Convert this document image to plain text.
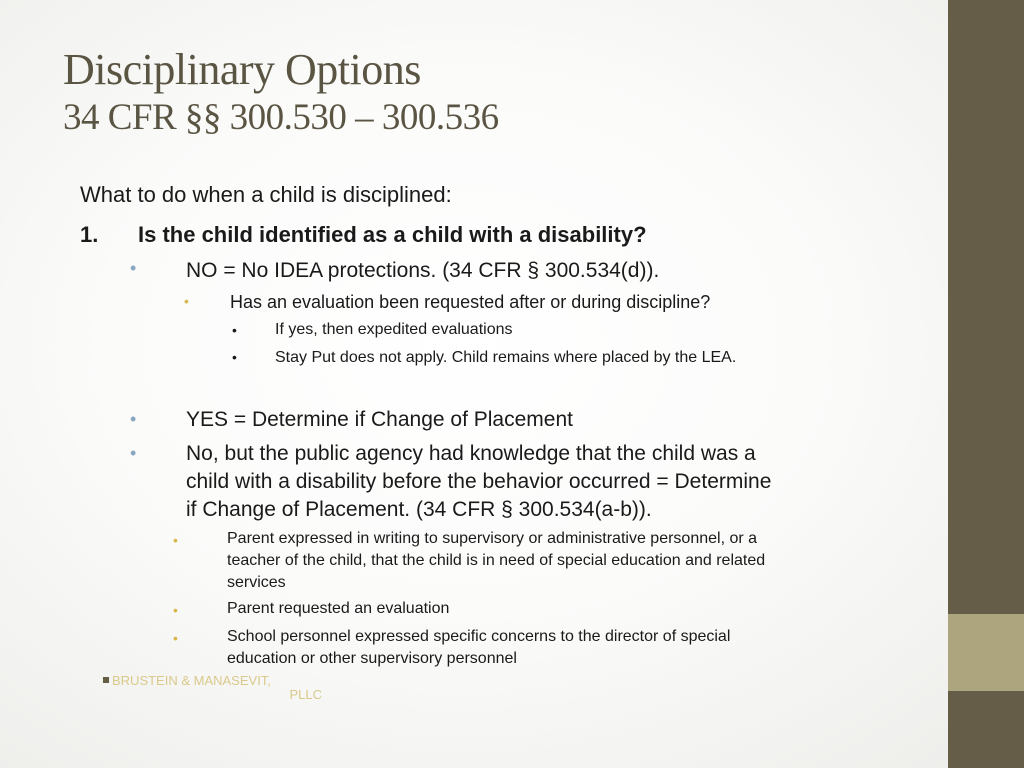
Disciplinary Options
34 CFR §§ 300.530 – 300.536
What to do when a child is disciplined:
1. Is the child identified as a child with a disability?
• NO = No IDEA protections. (34 CFR § 300.534(d)).
• Has an evaluation been requested after or during discipline?
• If yes, then expedited evaluations
• Stay Put does not apply. Child remains where placed by the LEA.
• YES = Determine if Change of Placement
• No, but the public agency had knowledge that the child was a
child with a disability before the behavior occurred = Determine
if Change of Placement. (34 CFR § 300.534(a-b)).
•	Parent expressed in writing to supervisory or administrative personnel, or a
teacher of the child, that the child is in need of special education and related
services
•	Parent requested an evaluation
•	School personnel expressed specific concerns to the director of special
education or other supervisory personnel
BRUSTEIN & MANASEVIT,
PLLC
